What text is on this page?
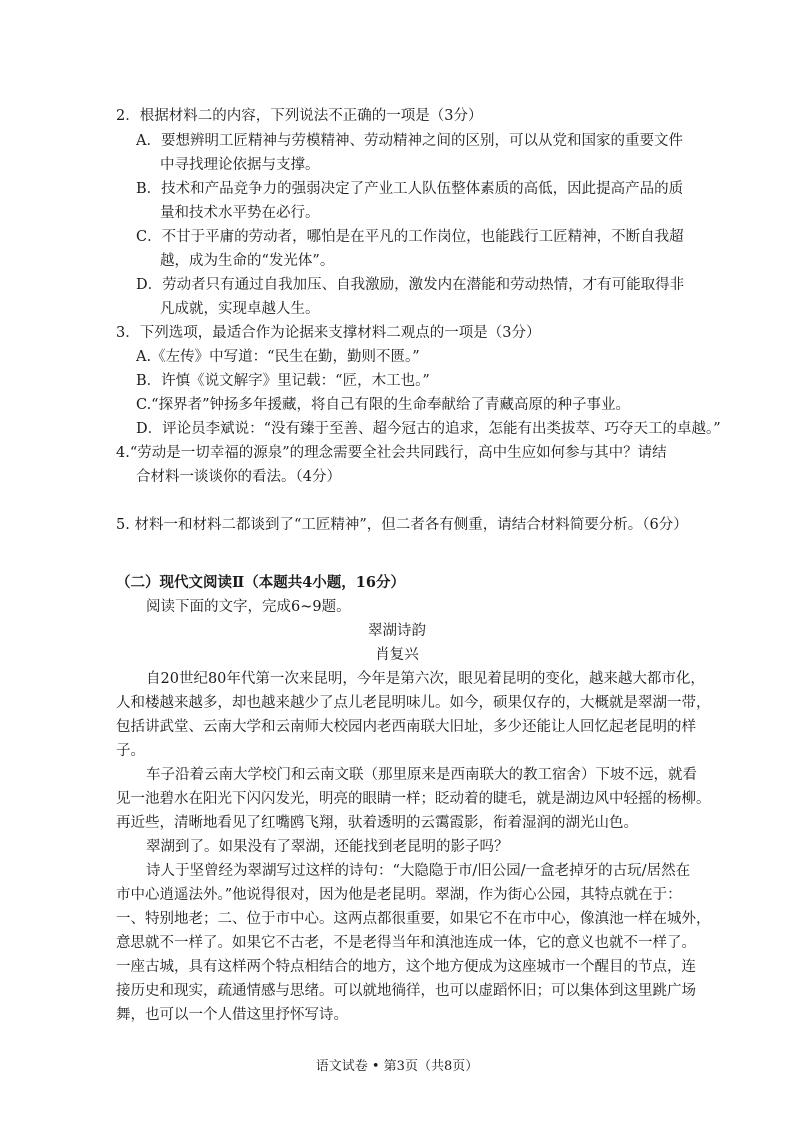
2．根据材料二的内容，下列说法不正确的一项是（3分）
A．要想辨明工匠精神与劳模精神、劳动精神之间的区别，可以从党和国家的重要文件
中寻找理论依据与支撑。
B．技术和产品竞争力的强弱决定了产业工人队伍整体素质的高低，因此提高产品的质
量和技术水平势在必行。
C．不甘于平庸的劳动者，哪怕是在平凡的工作岗位，也能践行工匠精神，不断自我超
越，成为生命的“发光体”。
D．劳动者只有通过自我加压、自我激励，激发内在潜能和劳动热情，才有可能取得非
凡成就，实现卓越人生。
3．下列选项，最适合作为论据来支撑材料二观点的一项是（3分）
A.《左传》中写道：“民生在勤，勤则不匮。”
B．许慎《说文解字》里记载：“匠，木工也。”
C.“探界者”钟扬多年援藏，将自己有限的生命奉献给了青藏高原的种子事业。
D．评论员李斌说：“没有臻于至善、超今冠古的追求，怎能有出类拔萃、巧夺天工的卓越。”
4.“劳动是一切幸福的源泉”的理念需要全社会共同践行，高中生应如何参与其中？请结
合材料一谈谈你的看法。（4分）
5. 材料一和材料二都谈到了“工匠精神”，但二者各有侧重，请结合材料简要分析。（6分）
（二）现代文阅读Ⅱ（本题共4小题，16分）
阅读下面的文字，完成6~9题。
翠湖诗韵
肖复兴
自20世纪80年代第一次来昆明，今年是第六次，眼见着昆明的变化，越来越大都市化，
人和楼越来越多，却也越来越少了点儿老昆明味儿。如今，硕果仅存的，大概就是翠湖一带，
包括讲武堂、云南大学和云南师大校园内老西南联大旧址，多少还能让人回忆起老昆明的样
子。
车子沿着云南大学校门和云南文联（那里原来是西南联大的教工宿舍）下坡不远，就看
见一池碧水在阳光下闪闪发光，明亮的眼睛一样；眨动着的睫毛，就是湖边风中轻摇的杨柳。
再近些，清晰地看见了红嘴鸥飞翔，驮着透明的云霭霞影，衔着湿润的湖光山色。
翠湖到了。如果没有了翠湖，还能找到老昆明的影子吗？
诗人于坚曾经为翠湖写过这样的诗句：“大隐隐于市/旧公园/一盒老掉牙的古玩/居然在
市中心逍遥法外。”他说得很对，因为他是老昆明。翠湖，作为街心公园，其特点就在于：
一、特别地老；二、位于市中心。这两点都很重要，如果它不在市中心，像滇池一样在城外，
意思就不一样了。如果它不古老，不是老得当年和滇池连成一体，它的意义也就不一样了。
一座古城，具有这样两个特点相结合的地方，这个地方便成为这座城市一个醒目的节点，连
接历史和现实，疏通情感与思绪。可以就地徜徉，也可以虚蹈怀旧；可以集体到这里跳广场
舞，也可以一个人借这里抒怀写诗。
语文试卷 • 第3页（共8页）
